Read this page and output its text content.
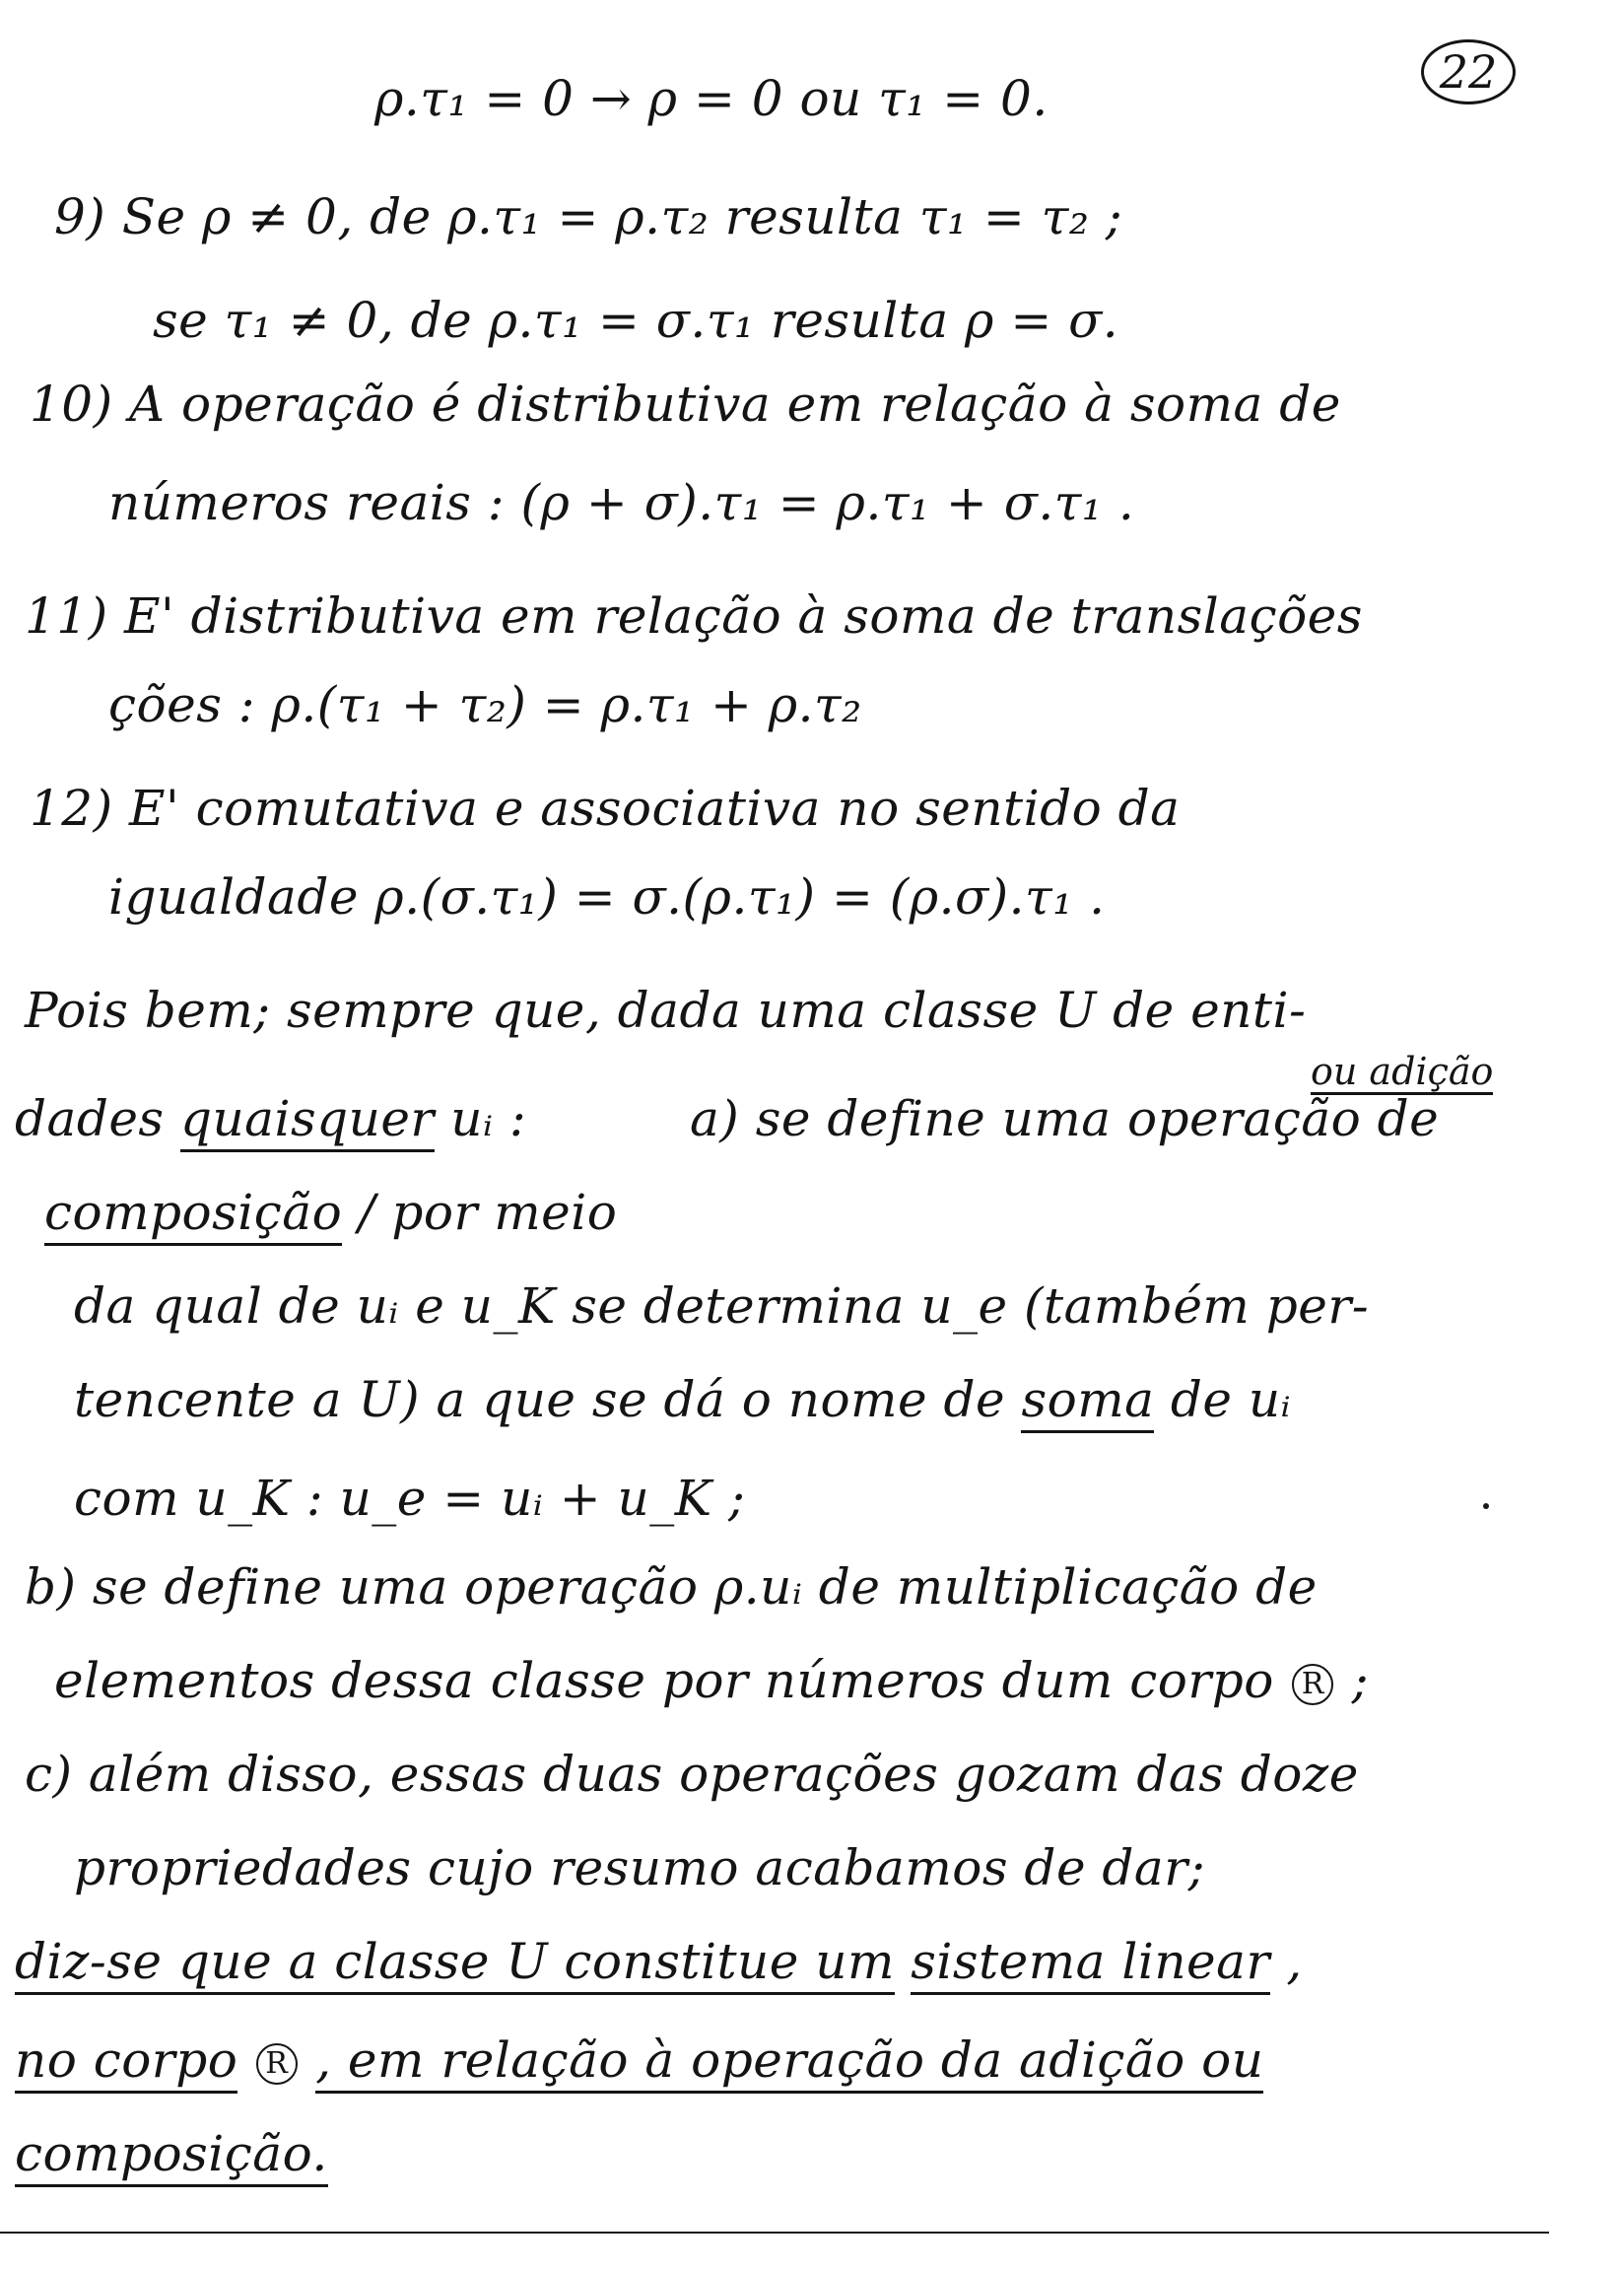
22
ρ.τ₁ = 0 → ρ = 0 ou τ₁ = 0.
9) Se ρ ≠ 0, de ρ.τ₁ = ρ.τ₂ resulta τ₁ = τ₂ ;
se τ₁ ≠ 0, de ρ.τ₁ = σ.τ₁ resulta ρ = σ.
10) A operação é distributiva em relação à soma de
números reais : (ρ + σ).τ₁ = ρ.τ₁ + σ.τ₁ .
11) E' distributiva em relação à soma de translações
ções : ρ.(τ₁ + τ₂) = ρ.τ₁ + ρ.τ₂
12) E' comutativa e associativa no sentido da
igualdade ρ.(σ.τ₁) = σ.(ρ.τ₁) = (ρ.σ).τ₁ .
Pois bem; sempre que, dada uma classe U de enti-
dades quaisquer uᵢ :
ou adição
a) se define uma operação de
composição / por meio
da qual de uᵢ e u_K se determina u_e (também per-
tencente a U) a que se dá o nome de soma de uᵢ
com u_K : u_e = uᵢ + u_K ;
b) se define uma operação ρ.uᵢ de multiplicação de
elementos dessa classe por números dum corpo R ;
c) além disso, essas duas operações gozam das doze
propriedades cujo resumo acabamos de dar;
diz-se que a classe U constitue um sistema linear ,
no corpo R , em relação à operação da adição ou
composição.
